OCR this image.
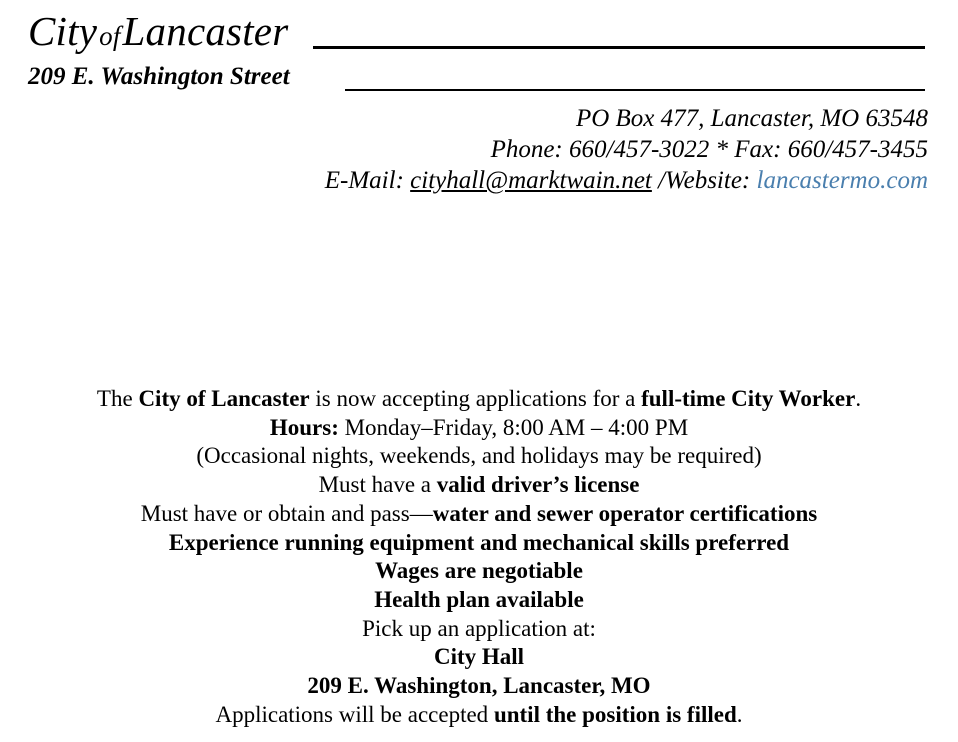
CityofLancaster
209 E. Washington Street
PO Box 477, Lancaster, MO 63548
Phone: 660/457-3022 * Fax: 660/457-3455
E-Mail: cityhall@marktwain.net /Website: lancastermo.com
The City of Lancaster is now accepting applications for a full-time City Worker.
Hours: Monday–Friday, 8:00 AM – 4:00 PM
(Occasional nights, weekends, and holidays may be required)
Must have a valid driver’s license
Must have or obtain and pass—water and sewer operator certifications
Experience running equipment and mechanical skills preferred
Wages are negotiable
Health plan available
Pick up an application at:
City Hall
209 E. Washington, Lancaster, MO
Applications will be accepted until the position is filled.
